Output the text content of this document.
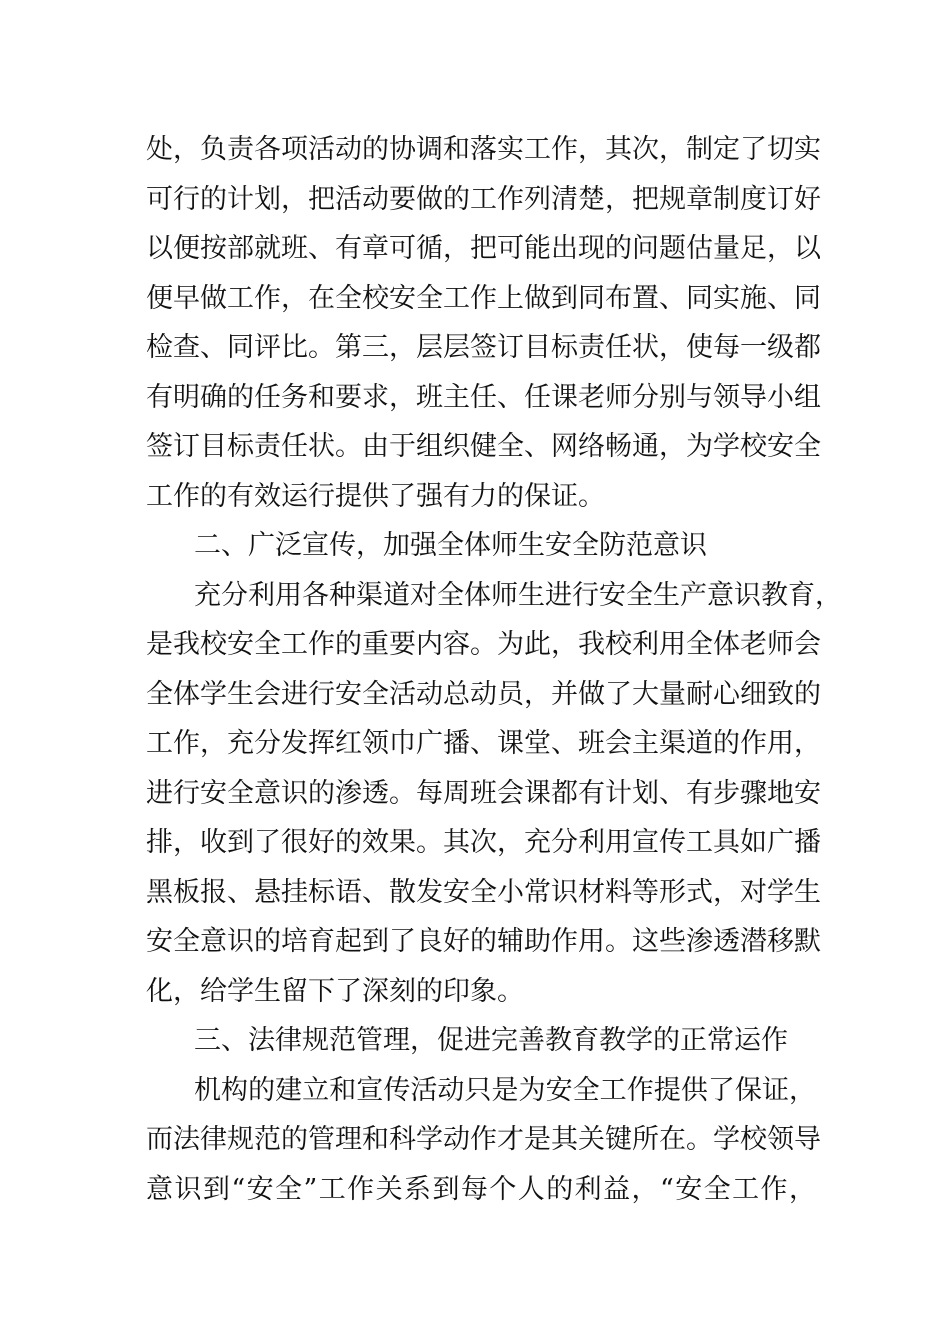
处，负责各项活动的协调和落实工作，其次，制定了切实
可行的计划，把活动要做的工作列清楚，把规章制度订好
以便按部就班、有章可循，把可能出现的问题估量足，以
便早做工作，在全校安全工作上做到同布置、同实施、同
检查、同评比。第三，层层签订目标责任状，使每一级都
有明确的任务和要求，班主任、任课老师分别与领导小组
签订目标责任状。由于组织健全、网络畅通，为学校安全
工作的有效运行提供了强有力的保证。
二、广泛宣传，加强全体师生安全防范意识
充分利用各种渠道对全体师生进行安全生产意识教育，
是我校安全工作的重要内容。为此，我校利用全体老师会
全体学生会进行安全活动总动员，并做了大量耐心细致的
工作，充分发挥红领巾广播、课堂、班会主渠道的作用，
进行安全意识的渗透。每周班会课都有计划、有步骤地安
排，收到了很好的效果。其次，充分利用宣传工具如广播
黑板报、悬挂标语、散发安全小常识材料等形式，对学生
安全意识的培育起到了良好的辅助作用。这些渗透潜移默
化，给学生留下了深刻的印象。
三、法律规范管理，促进完善教育教学的正常运作
机构的建立和宣传活动只是为安全工作提供了保证，
而法律规范的管理和科学动作才是其关键所在。学校领导
意识到“安全”工作关系到每个人的利益，“安全工作，
